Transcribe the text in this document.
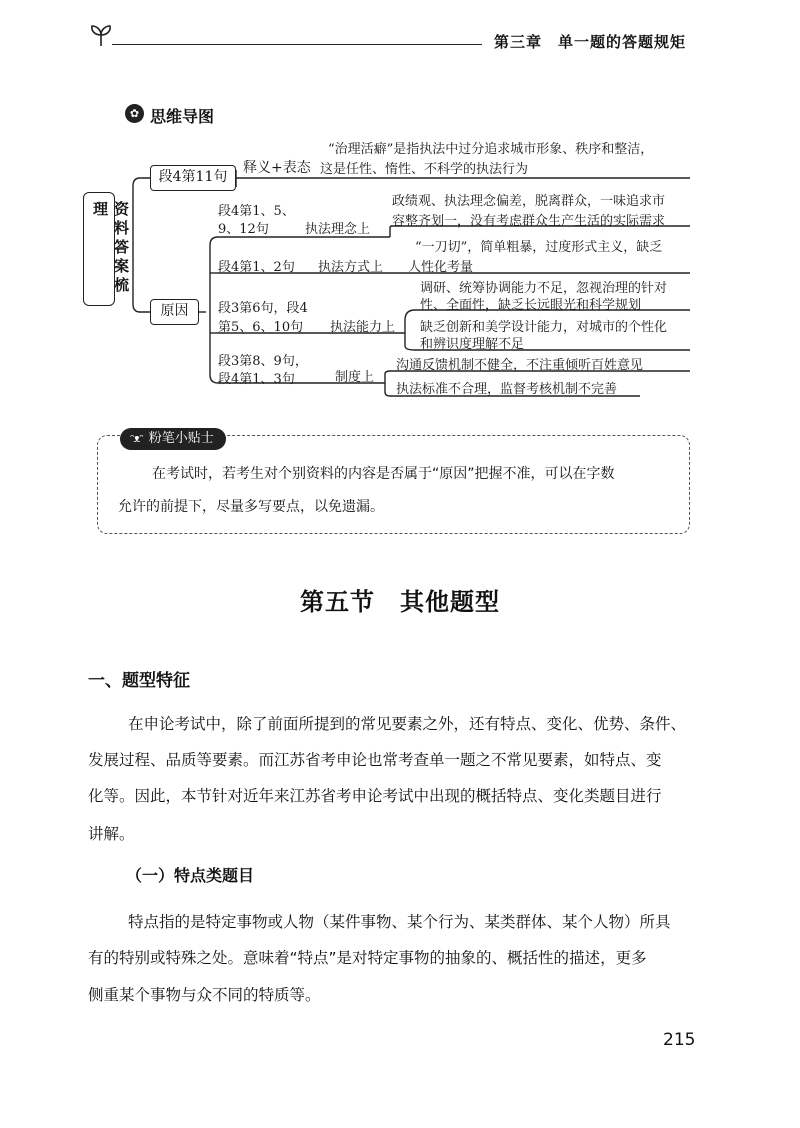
第三章　单一题的答题规矩
✿ 思维导图
资料答案梳理
段4第11句
释义+表态
“治理活癖”是指执法中过分追求城市形象、秩序和整洁，
这是任性、惰性、不科学的执法行为
原因
段4第1、5、
9、12句	执法理念上
政绩观、执法理念偏差，脱离群众，一味追求市
容整齐划一，没有考虑群众生产生活的实际需求
段4第1、2句 执法方式上
“一刀切”，简单粗暴，过度形式主义，缺乏
人性化考量
段3第6句，段4
第5、6、10句 执法能力上
调研、统筹协调能力不足，忽视治理的针对
性、全面性，缺乏长远眼光和科学规划
缺乏创新和美学设计能力，对城市的个性化
和辨识度理解不足
段3第8、9句，
段4第1、3句	制度上
沟通反馈机制不健全，不注重倾听百姓意见
执法标准不合理，监督考核机制不完善
ᵔᴥᵔ 粉笔小贴士
在考试时，若考生对个别资料的内容是否属于“原因”把握不准，可以在字数
允许的前提下，尽量多写要点，以免遗漏。
第五节　其他题型
一、题型特征
在申论考试中，除了前面所提到的常见要素之外，还有特点、变化、优势、条件、
发展过程、品质等要素。而江苏省考申论也常考查单一题之不常见要素，如特点、变
化等。因此，本节针对近年来江苏省考申论考试中出现的概括特点、变化类题目进行
讲解。
（一）特点类题目
特点指的是特定事物或人物（某件事物、某个行为、某类群体、某个人物）所具
有的特别或特殊之处。意味着“特点”是对特定事物的抽象的、概括性的描述，更多
侧重某个事物与众不同的特质等。
215
